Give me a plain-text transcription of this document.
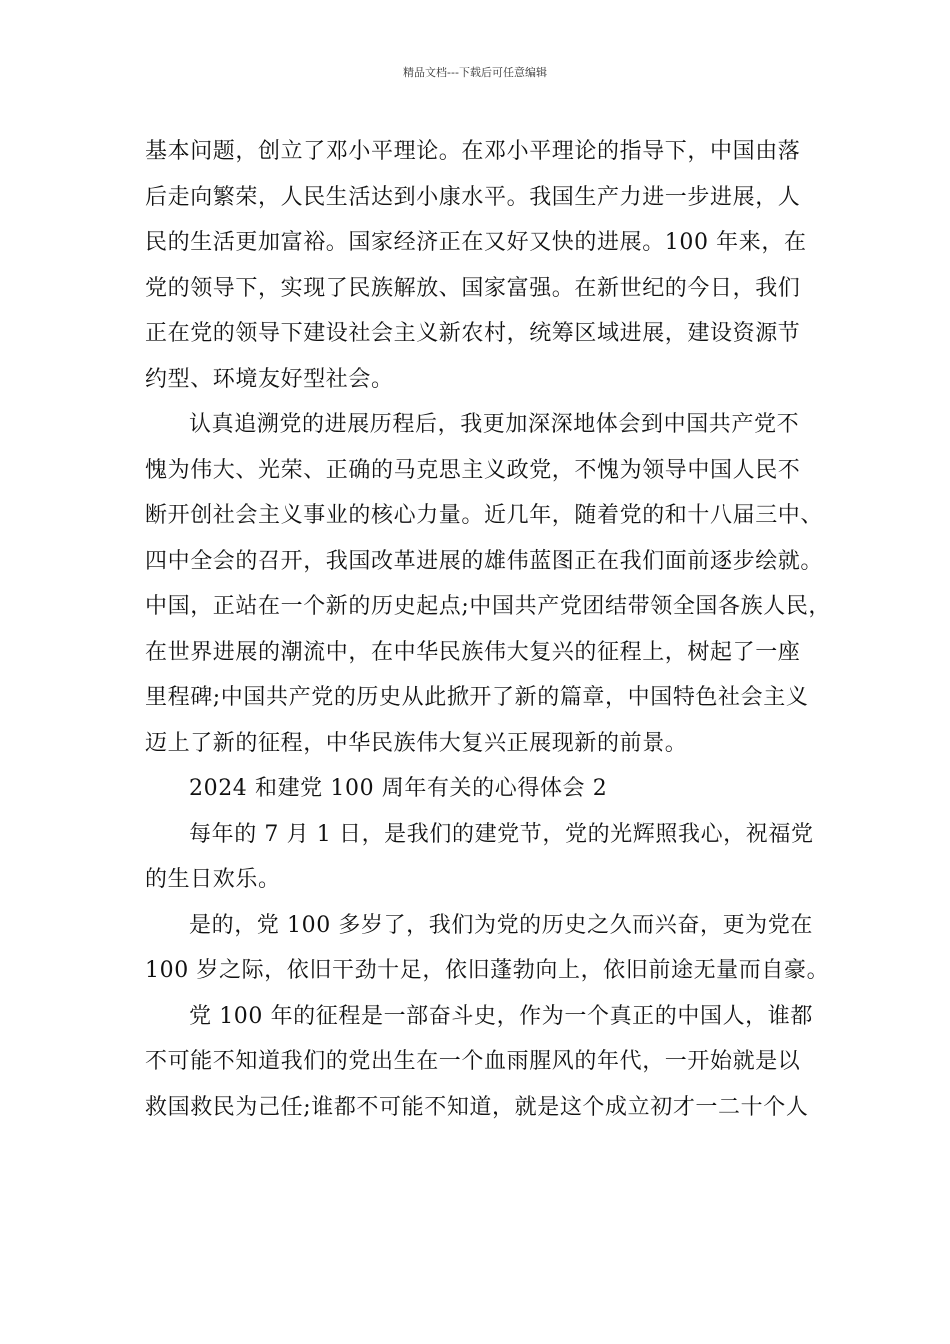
精品文档---下载后可任意编辑
基本问题，创立了邓小平理论。在邓小平理论的指导下，中国由落
后走向繁荣，人民生活达到小康水平。我国生产力进一步进展，人
民的生活更加富裕。国家经济正在又好又快的进展。100 年来，在
党的领导下，实现了民族解放、国家富强。在新世纪的今日，我们
正在党的领导下建设社会主义新农村，统筹区域进展，建设资源节
约型、环境友好型社会。
认真追溯党的进展历程后，我更加深深地体会到中国共产党不
愧为伟大、光荣、正确的马克思主义政党，不愧为领导中国人民不
断开创社会主义事业的核心力量。近几年，随着党的和十八届三中、
四中全会的召开，我国改革进展的雄伟蓝图正在我们面前逐步绘就。
中国，正站在一个新的历史起点;中国共产党团结带领全国各族人民，
在世界进展的潮流中，在中华民族伟大复兴的征程上，树起了一座
里程碑;中国共产党的历史从此掀开了新的篇章，中国特色社会主义
迈上了新的征程，中华民族伟大复兴正展现新的前景。
2024 和建党 100 周年有关的心得体会 2
每年的 7 月 1 日，是我们的建党节，党的光辉照我心，祝福党
的生日欢乐。
是的，党 100 多岁了，我们为党的历史之久而兴奋，更为党在
100 岁之际，依旧干劲十足，依旧蓬勃向上，依旧前途无量而自豪。
党 100 年的征程是一部奋斗史，作为一个真正的中国人，谁都
不可能不知道我们的党出生在一个血雨腥风的年代，一开始就是以
救国救民为己任;谁都不可能不知道，就是这个成立初才一二十个人
